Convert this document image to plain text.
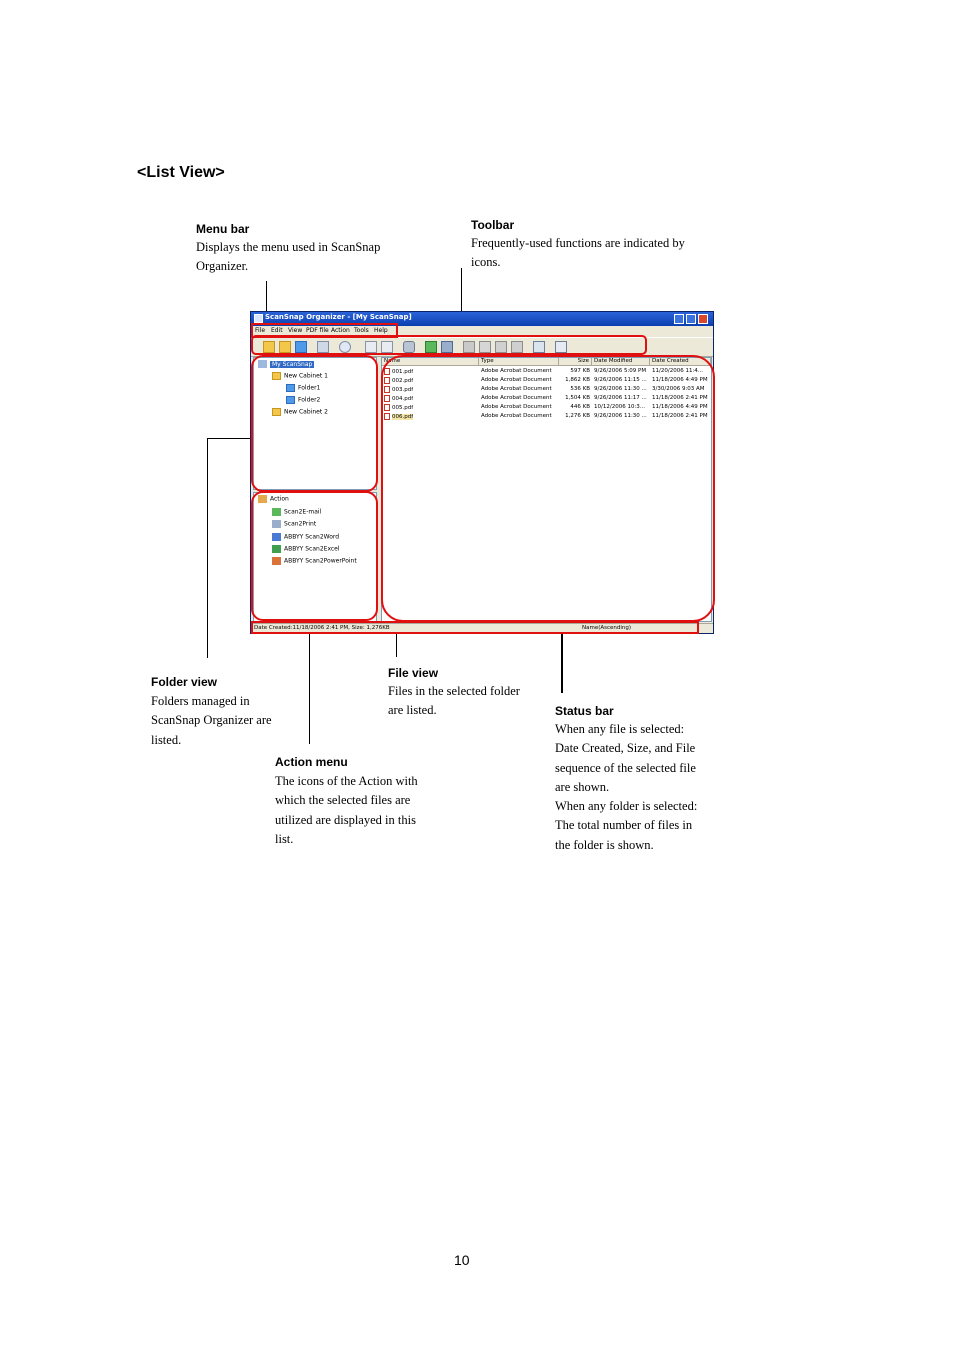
<List View>
Menu bar
Displays the menu used in ScanSnap
Organizer.
Toolbar
Frequently-used functions are indicated by
icons.
Folder view
Folders managed in
ScanSnap Organizer are
listed.
File view
Files in the selected folder
are listed.
Action menu
The icons of the Action with
which the selected files are
utilized are displayed in this
list.
Status bar
When any file is selected:
Date Created, Size, and File
sequence of the selected file
are shown.
When any folder is selected:
The total number of files in
the folder is shown.
ScanSnap Organizer - [My ScanSnap]
File Edit View PDF file Action Tools Help
My ScanSnap
New Cabinet 1
Folder1
Folder2
New Cabinet 2
Action
Scan2E-mail
Scan2Print
ABBYY Scan2Word
ABBYY Scan2Excel
ABBYY Scan2PowerPoint
Name	Type	Size Date Modified	Date Created
001.pdf	Adobe Acrobat Document	597 KB 9/26/2006 5:09 PM	11/20/2006 11:4...
002.pdf	Adobe Acrobat Document	1,862 KB 9/26/2006 11:15 ... 11/18/2006 4:49 PM
003.pdf	Adobe Acrobat Document	536 KB 9/26/2006 11:30 ... 3/30/2006 9:03 AM
004.pdf	Adobe Acrobat Document	1,504 KB 9/26/2006 11:17 ... 11/18/2006 2:41 PM
005.pdf	Adobe Acrobat Document	446 KB 10/12/2006 10:3...	11/18/2006 4:49 PM
006.pdf	Adobe Acrobat Document	1,276 KB 9/26/2006 11:30 ... 11/18/2006 2:41 PM
Date Created:11/18/2006 2:41 PM, Size: 1,276KB	Name(Ascending)
10
